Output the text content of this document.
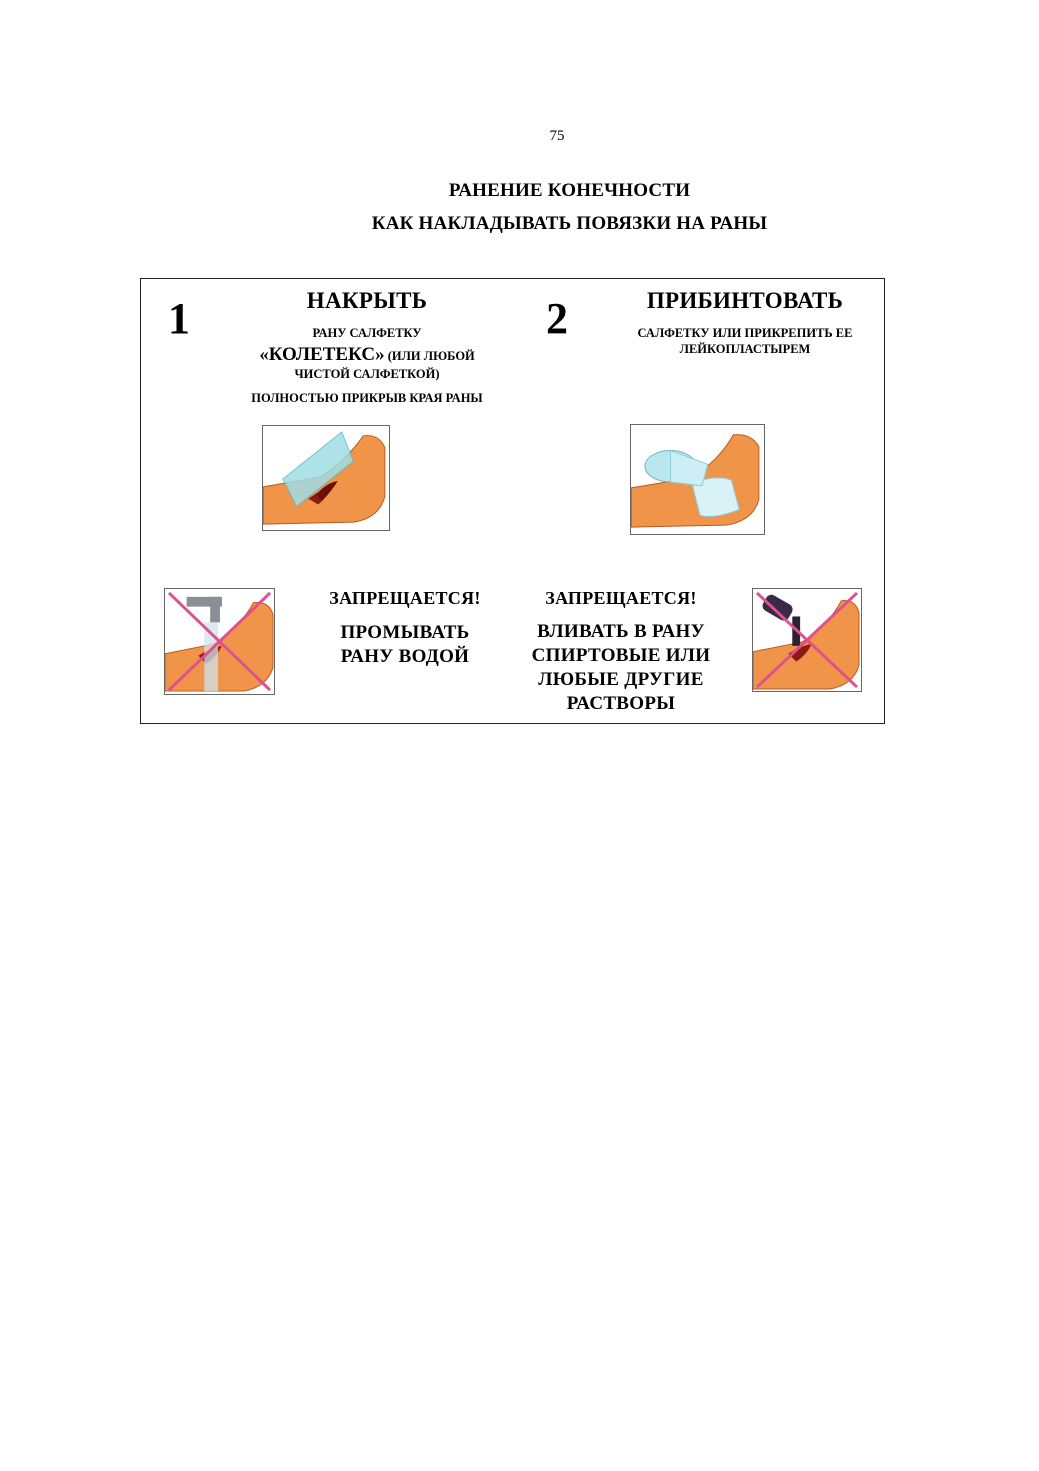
75
РАНЕНИЕ КОНЕЧНОСТИ
КАК НАКЛАДЫВАТЬ ПОВЯЗКИ НА РАНЫ
1	НАКРЫТЬ
РАНУ САЛФЕТКУ
«КОЛЕТЕКС» (ИЛИ ЛЮБОЙ
ЧИСТОЙ САЛФЕТКОЙ)
ПОЛНОСТЬЮ ПРИКРЫВ КРАЯ РАНЫ
2	ПРИБИНТОВАТЬ
САЛФЕТКУ ИЛИ ПРИКРЕПИТЬ ЕЕ
ЛЕЙКОПЛАСТЫРЕМ
ЗАПРЕЩАЕТСЯ!
ПРОМЫВАТЬ
РАНУ ВОДОЙ
ЗАПРЕЩАЕТСЯ!
ВЛИВАТЬ В РАНУ
СПИРТОВЫЕ ИЛИ
ЛЮБЫЕ ДРУГИЕ
РАСТВОРЫ
